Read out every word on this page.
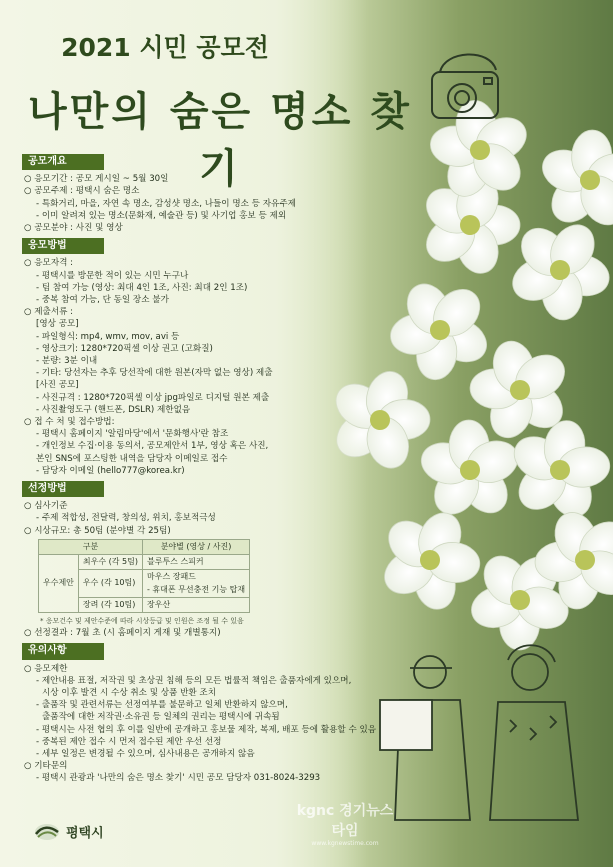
2021 시민 공모전
나만의 숨은 명소 찾기
공모개요
○ 응모기간 : 공모 게시일 ~ 5월 30일
○ 공모주제 : 평택시 숨은 명소
- 특화거리, 마을, 자연 속 명소, 감성샷 명소, 나들이 명소 등 자유주제
- 이미 알려져 있는 명소(문화재, 예술관 등) 및 사기업 홍보 등 제외
○ 공모분야 : 사진 및 영상
응모방법
○ 응모자격 :
- 평택시를 방문한 적이 있는 시민 누구나
- 팀 참여 가능 (영상: 최대 4인 1조, 사진: 최대 2인 1조)
- 중복 참여 가능, 단 동일 장소 불가
○ 제출서류 :
[영상 공모]
- 파일형식: mp4, wmv, mov, avi 등
- 영상크기: 1280*720픽셀 이상 권고 (고화질)
- 분량: 3분 이내
- 기타: 당선자는 추후 당선작에 대한 원본(자막 없는 영상) 제출
[사진 공모]
- 사진규격 : 1280*720픽셀 이상 jpg파일로 디지털 원본 제출
- 사진촬영도구 (핸드폰, DSLR) 제한없음
○ 접 수 처 및 접수방법:
- 평택시 홈페이지 '알림마당'에서 '문화행사'란 참조
- 개인정보 수집·이용 동의서, 공모제안서 1부, 영상 혹은 사진,
본인 SNS에 포스팅한 내역을 담당자 이메일로 접수
- 담당자 이메일 (hello777@korea.kr)
선정방법
○ 심사기준
- 주제 적합성, 전달력, 창의성, 위치, 홍보적극성
○ 시상규모: 총 50팀 (분야별 각 25팀)
구분		분야별 (영상 / 사진)
우수제안	최우수 (각 5팀)	블루투스 스피커
	우수 (각 10팀)	마우스 장패드
- 휴대폰 무선충전 기능 탑재
	장려 (각 10팀)	장우산
* 응모건수 및 제안수준에 따라 시상등급 및 인원은 조정 될 수 있음
○ 선정결과 : 7월 초 (시 홈페이지 게재 및 개별통지)
유의사항
○ 응모제한
- 제안내용 표절, 저작권 및 초상권 침해 등의 모든 법률적 책임은 출품자에게 있으며,
시상 이후 발견 시 수상 취소 및 상품 반환 조치
- 출품작 및 관련서류는 선정여부를 불문하고 일체 반환하지 않으며,
출품작에 대한 저작권·소유권 등 일체의 권리는 평택시에 귀속됨
- 평택시는 사전 협의 후 이를 일반에 공개하고 홍보물 제작, 복제, 배포 등에 활용할 수 있음
- 중복된 제안 접수 시 먼저 접수된 제안 우선 선정
- 세부 일정은 변경될 수 있으며, 심사내용은 공개하지 않음
○ 기타문의
- 평택시 관광과 '나만의 숨은 명소 찾기' 시민 공모 담당자 031-8024-3293
평택시
kgnc 경기뉴스타임
www.kgnewstime.com
